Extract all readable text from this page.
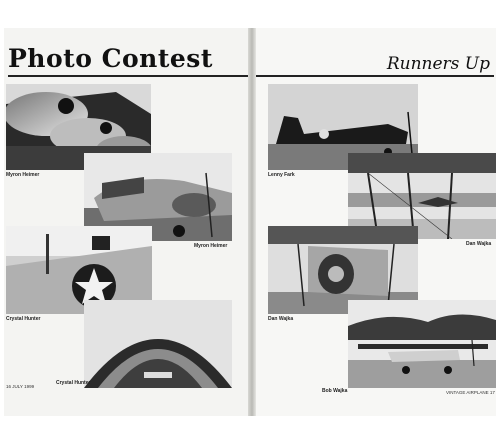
Photo Contest	Runners Up
Myron Heimer
Myron Heimer
Crystal Hunter
Crystal Hunter
Lenny Fark
Dan Wajka
Dan Wajka
Bob Wajka
16 JULY 1999
VINTAGE AIRPLANE 17
